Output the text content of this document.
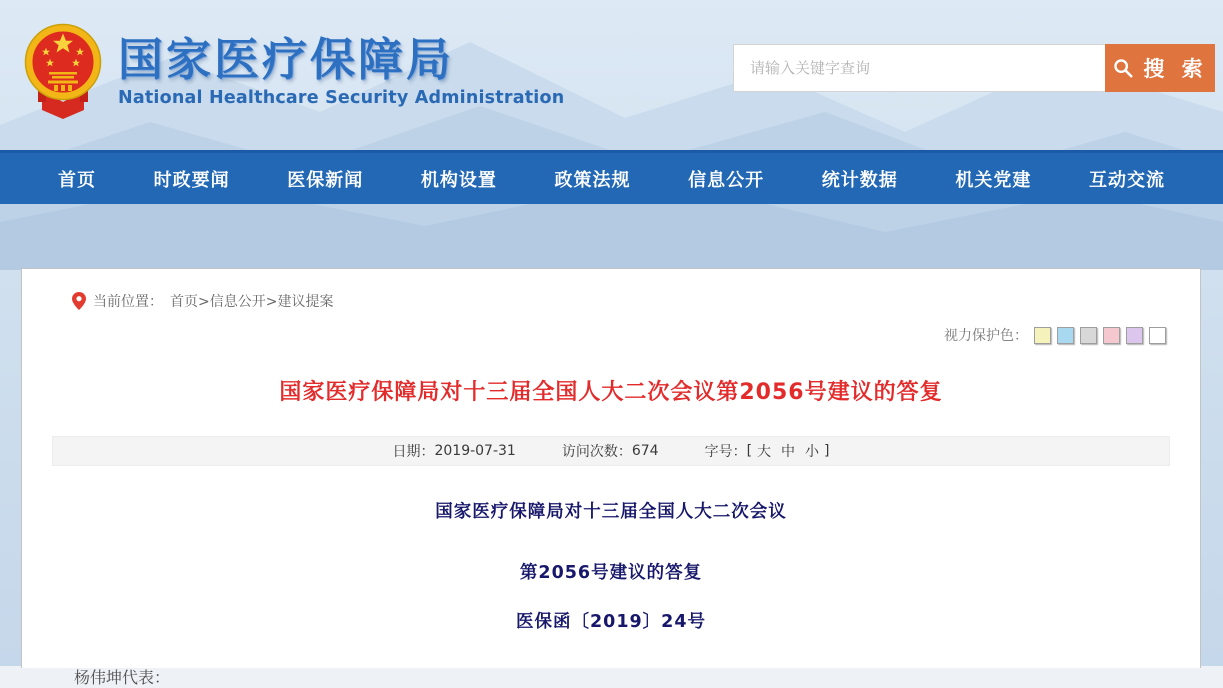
国家医疗保障局
National Healthcare Security Administration
请输入关键字查询
搜 索
首页	时政要闻	医保新闻	机构设置	政策法规	信息公开	统计数据	机关党建	互动交流
当前位置： 首页>信息公开>建议提案
视力保护色：
国家医疗保障局对十三届全国人大二次会议第2056号建议的答复
日期： 2019-07-31	访问次数： 674	字号： [ 大 中 小 ]
国家医疗保障局对十三届全国人大二次会议
第2056号建议的答复
医保函〔2019〕24号
杨伟坤代表：
